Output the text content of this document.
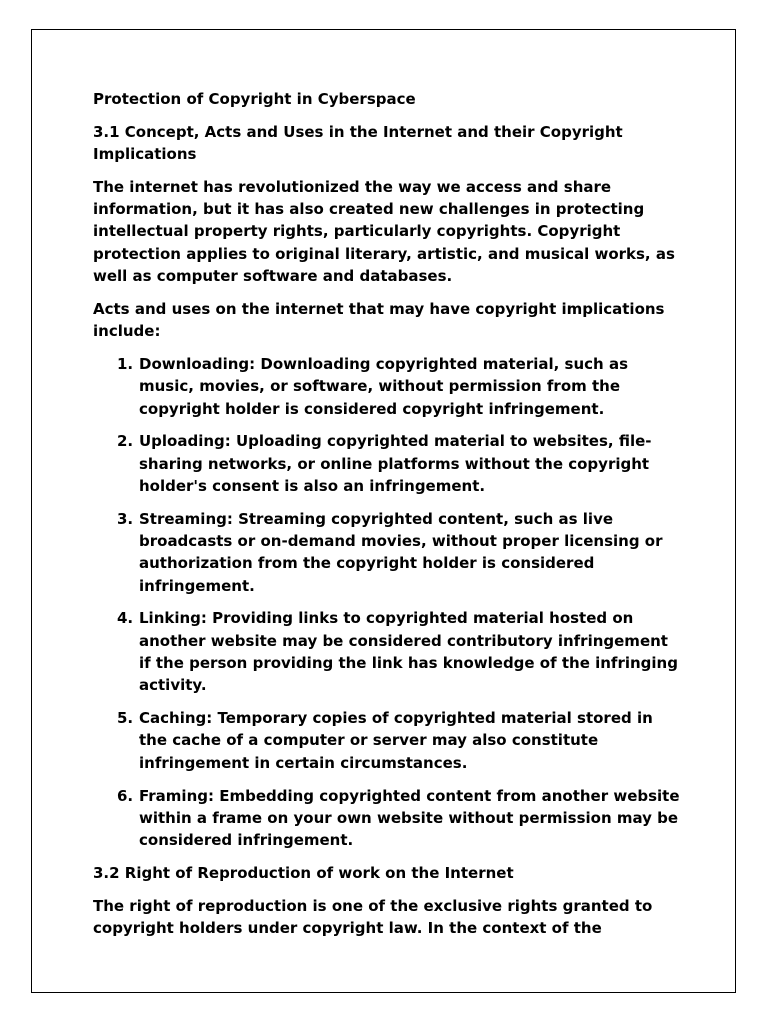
Protection of Copyright in Cyberspace

3.1 Concept, Acts and Uses in the Internet and their Copyright Implications

The internet has revolutionized the way we access and share information, but it has also created new challenges in protecting intellectual property rights, particularly copyrights. Copyright protection applies to original literary, artistic, and musical works, as well as computer software and databases.

Acts and uses on the internet that may have copyright implications include:

1. Downloading: Downloading copyrighted material, such as music, movies, or software, without permission from the copyright holder is considered copyright infringement.
2. Uploading: Uploading copyrighted material to websites, file-sharing networks, or online platforms without the copyright holder's consent is also an infringement.
3. Streaming: Streaming copyrighted content, such as live broadcasts or on-demand movies, without proper licensing or authorization from the copyright holder is considered infringement.
4. Linking: Providing links to copyrighted material hosted on another website may be considered contributory infringement if the person providing the link has knowledge of the infringing activity.
5. Caching: Temporary copies of copyrighted material stored in the cache of a computer or server may also constitute infringement in certain circumstances.
6. Framing: Embedding copyrighted content from another website within a frame on your own website without permission may be considered infringement.

3.2 Right of Reproduction of work on the Internet

The right of reproduction is one of the exclusive rights granted to copyright holders under copyright law. In the context of the
